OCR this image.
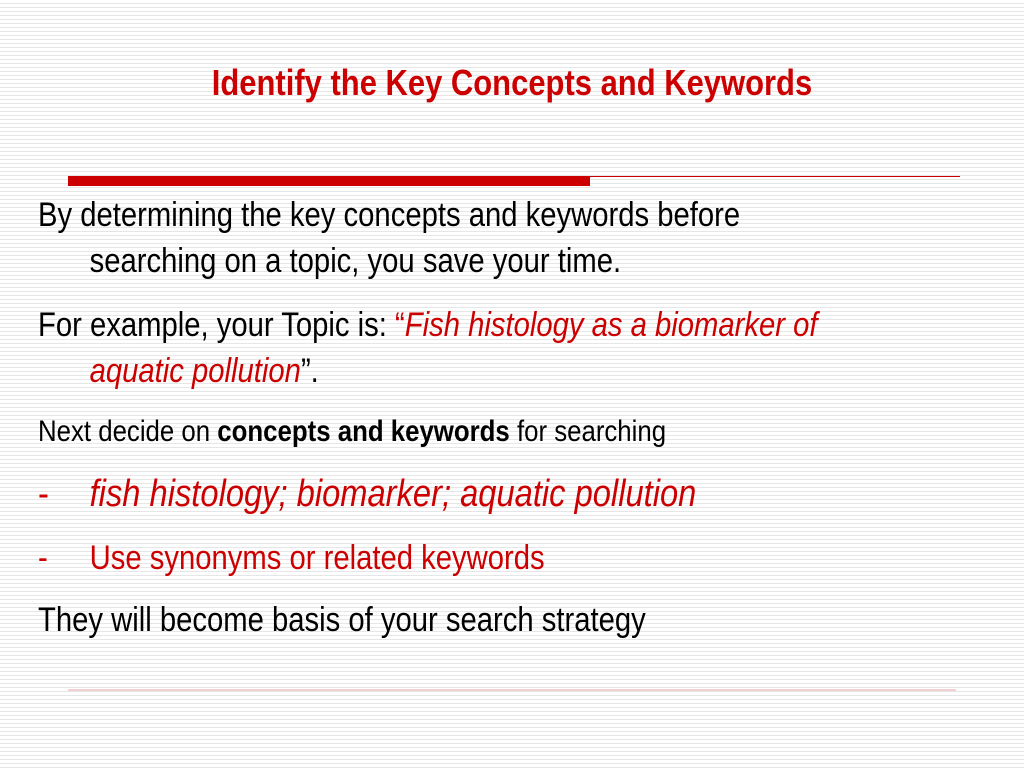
Identify the Key Concepts and Keywords
By determining the key concepts and keywords before
searching on a topic, you save your time.
For example, your Topic is: “Fish histology as a biomarker of
aquatic pollution”.
Next decide on concepts and keywords for searching
- fish histology; biomarker; aquatic pollution
- Use synonyms or related keywords
They will become basis of your search strategy
